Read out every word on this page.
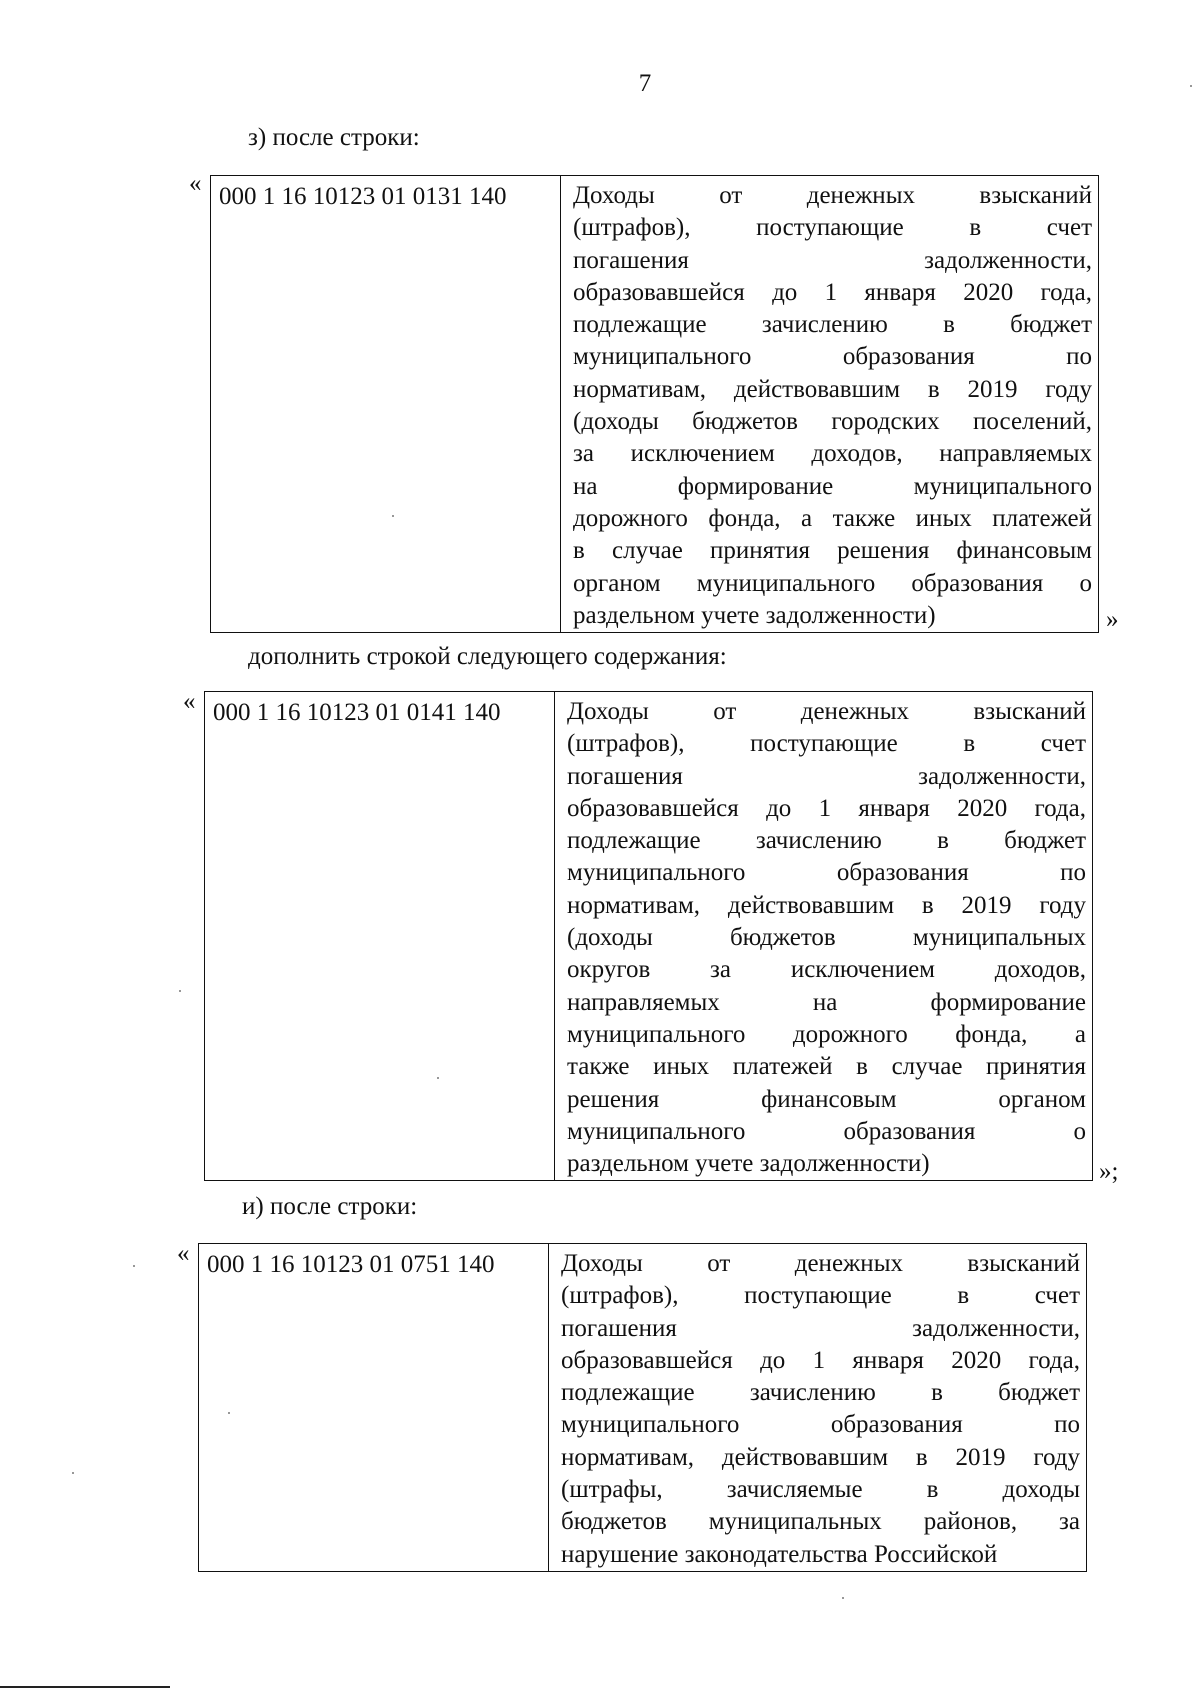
7
з) после строки:
« 000 1 16 10123 01 0131 140	Доходы от денежных взысканий
(штрафов), поступающие в счет
погашения задолженности,
образовавшейся до 1 января 2020 года,
подлежащие зачислению в бюджет
муниципального образования по
нормативам, действовавшим в 2019 году
(доходы бюджетов городских поселений,
за исключением доходов, направляемых
на формирование муниципального
дорожного фонда, а также иных платежей
в случае принятия решения финансовым
органом муниципального образования о
раздельном учете задолженности)	»
дополнить строкой следующего содержания:
« 000 1 16 10123 01 0141 140	Доходы от денежных взысканий
(штрафов), поступающие в счет
погашения задолженности,
образовавшейся до 1 января 2020 года,
подлежащие зачислению в бюджет
муниципального образования по
нормативам, действовавшим в 2019 году
(доходы бюджетов муниципальных
округов за исключением доходов,
направляемых на формирование
муниципального дорожного фонда, а
также иных платежей в случае принятия
решения финансовым органом
муниципального образования о
раздельном учете задолженности)	»;
и) после строки:
« 000 1 16 10123 01 0751 140	Доходы от денежных взысканий
(штрафов), поступающие в счет
погашения задолженности,
образовавшейся до 1 января 2020 года,
подлежащие зачислению в бюджет
муниципального образования по
нормативам, действовавшим в 2019 году
(штрафы, зачисляемые в доходы
бюджетов муниципальных районов, за
нарушение законодательства Российской
